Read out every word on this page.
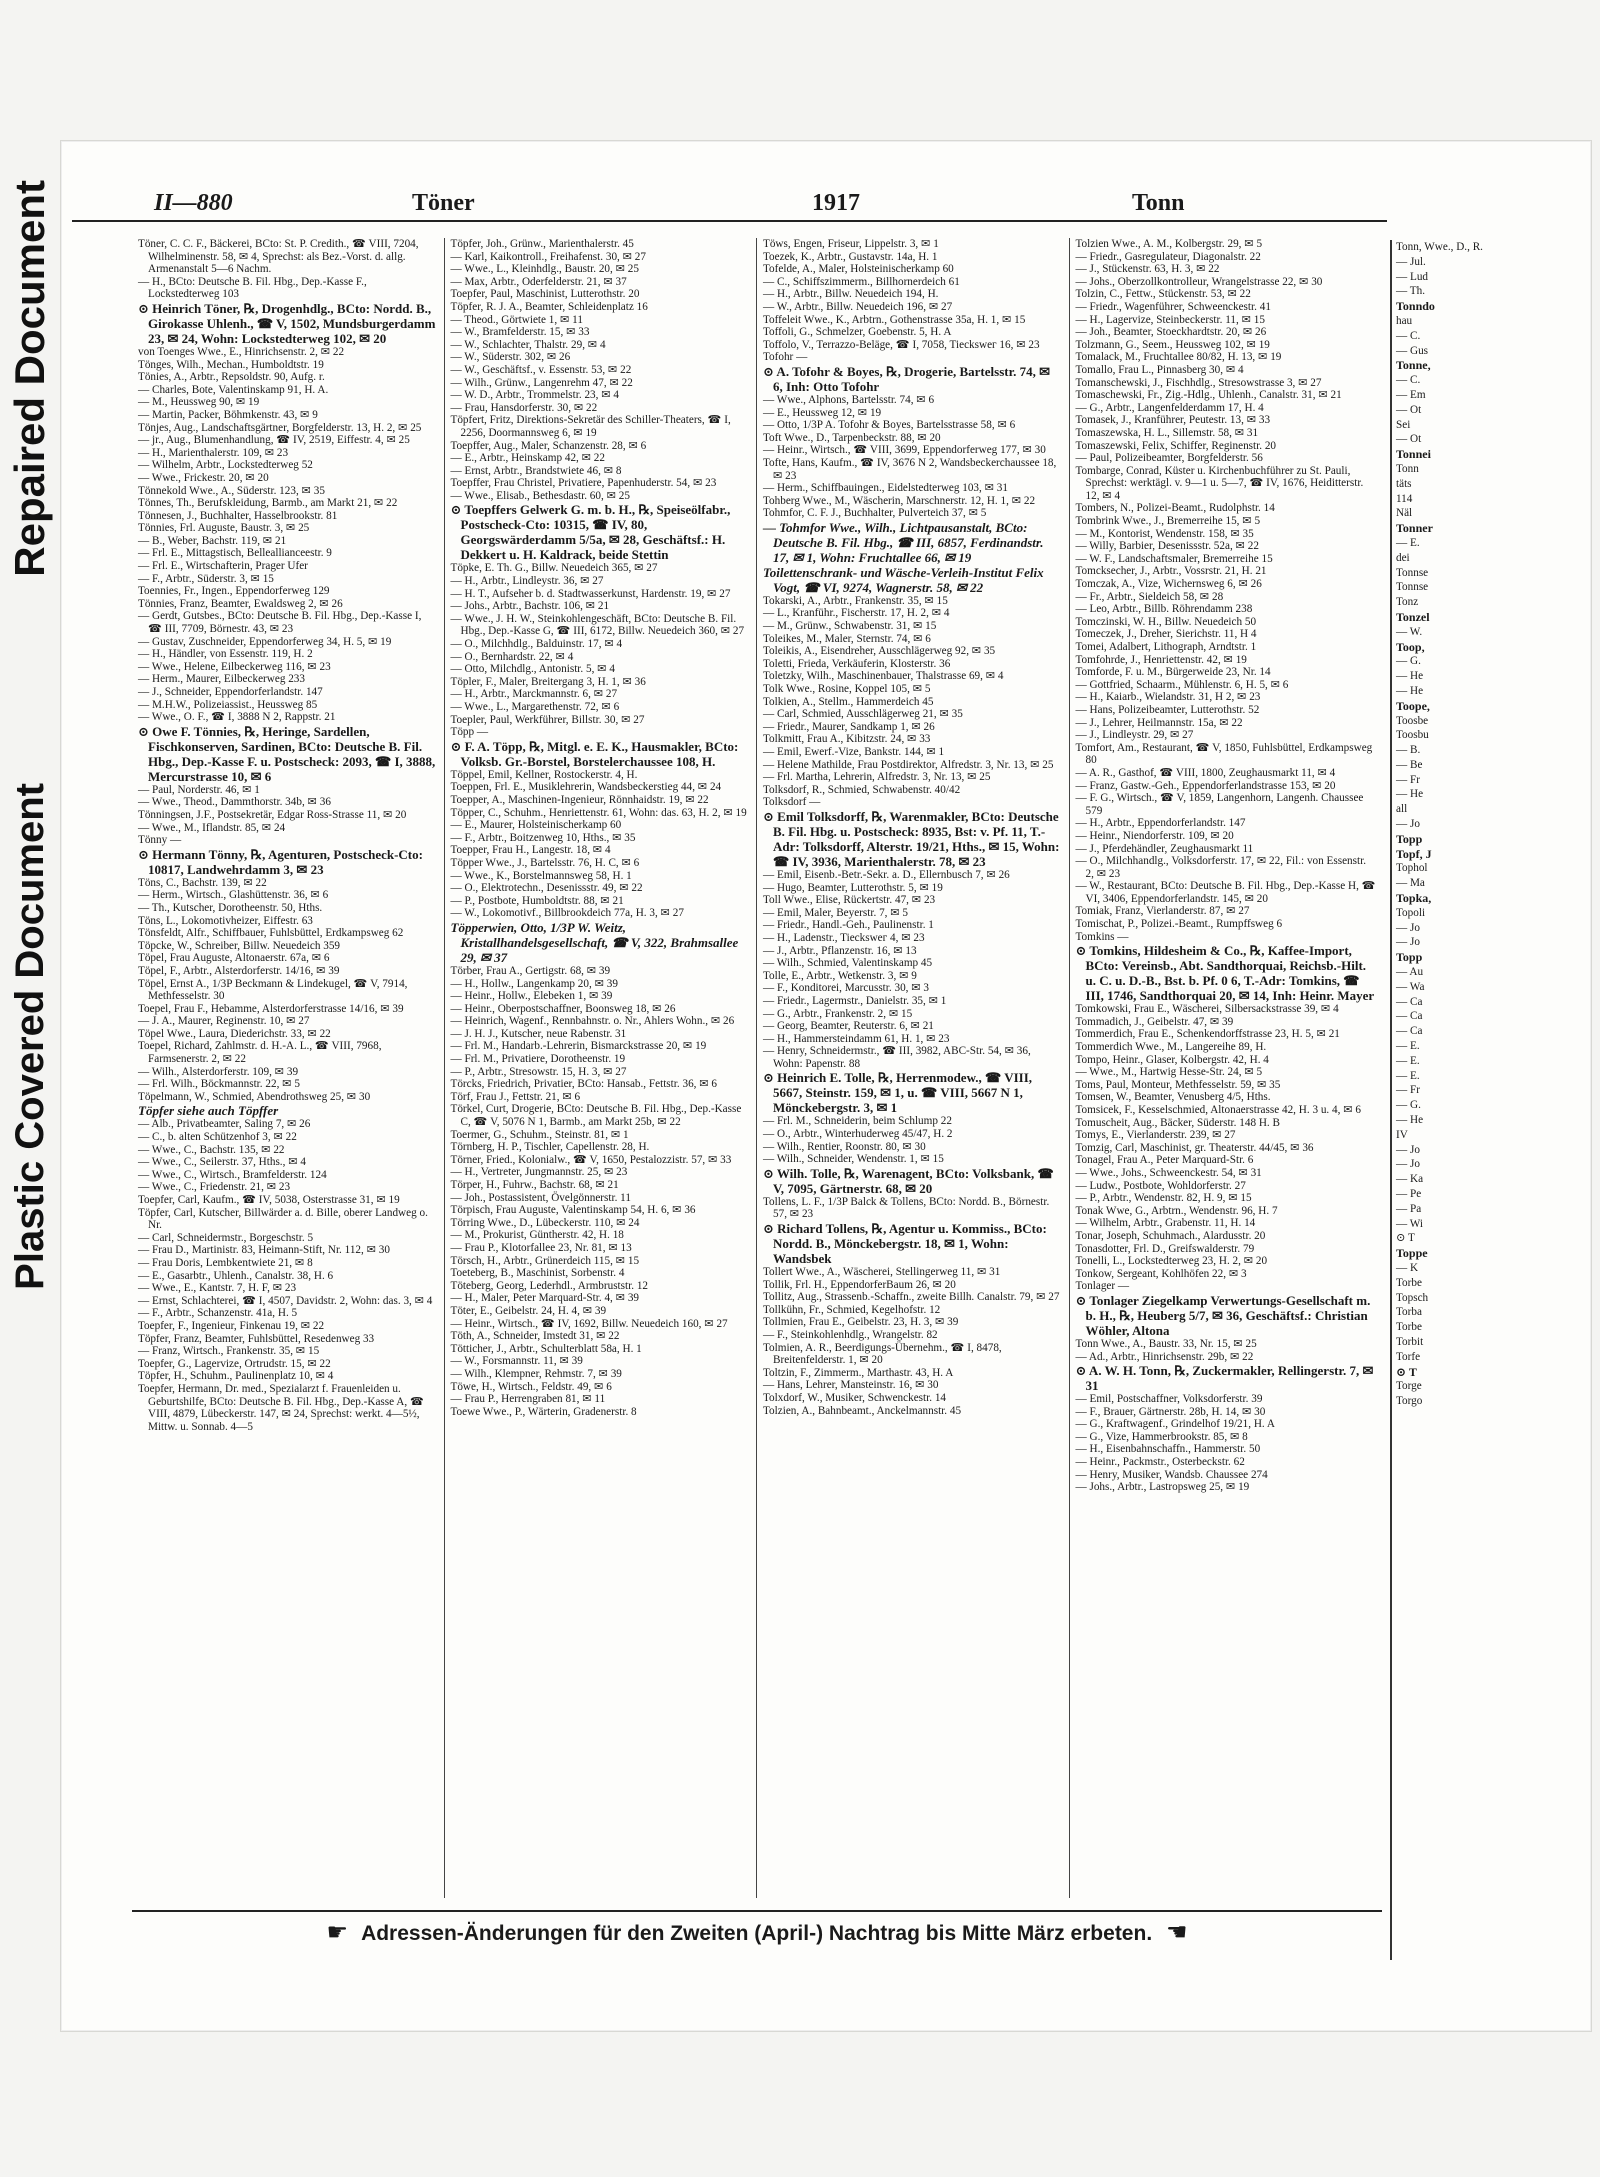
Repaired Document
Plastic Covered Document
II—880	Töner	1917	Tonn

Töner, C. C. F., Bäckerei, BCto: St. P. Credith., ☎ VIII, 7204, Wilhelminenstr. 58, ✉ 4, Sprechst: als Bez.-Vorst. d. allg. Armenanstalt 5—6 Nachm.

— H., BCto: Deutsche B. Fil. Hbg., Dep.-Kasse F., Lockstedterweg 103

⊙ Heinrich Töner, ℞, Drogenhdlg., BCto: Nordd. B., Girokasse Uhlenh., ☎ V, 1502, Mundsburgerdamm 23, ✉ 24, Wohn: Lockstedterweg 102, ✉ 20

von Toenges Wwe., E., Hinrichsenstr. 2, ✉ 22

Tönges, Wilh., Mechan., Humboldtstr. 19

Tönies, A., Arbtr., Repsoldstr. 90, Aufg. r.

— Charles, Bote, Valentinskamp 91, H. A.

— M., Heussweg 90, ✉ 19

— Martin, Packer, Böhmkenstr. 43, ✉ 9

Tönjes, Aug., Landschaftsgärtner, Borgfelderstr. 13, H. 2, ✉ 25

— jr., Aug., Blumenhandlung, ☎ IV, 2519, Eiffestr. 4, ✉ 25

— H., Marienthalerstr. 109, ✉ 23

— Wilhelm, Arbtr., Lockstedterweg 52

— Wwe., Frickestr. 20, ✉ 20

Tönnekold Wwe., A., Süderstr. 123, ✉ 35

Tönnes, Th., Berufskleidung, Barmb., am Markt 21, ✉ 22

Tönnesen, J., Buchhalter, Hasselbrookstr. 81

Tönnies, Frl. Auguste, Baustr. 3, ✉ 25

— B., Weber, Bachstr. 119, ✉ 21

— Frl. E., Mittagstisch, Belleallianceestr. 9

— Frl. E., Wirtschafterin, Prager Ufer

— F., Arbtr., Süderstr. 3, ✉ 15

Toennies, Fr., Ingen., Eppendorferweg 129

Tönnies, Franz, Beamter, Ewaldsweg 2, ✉ 26

— Gerdt, Gutsbes., BCto: Deutsche B. Fil. Hbg., Dep.-Kasse I, ☎ III, 7709, Börnestr. 43, ✉ 23

— Gustav, Zuschneider, Eppendorferweg 34, H. 5, ✉ 19

— H., Händler, von Essenstr. 119, H. 2

— Wwe., Helene, Eilbeckerweg 116, ✉ 23

— Herm., Maurer, Eilbeckerweg 233

— J., Schneider, Eppendorferlandstr. 147

— M.H.W., Polizeiassist., Heussweg 85

— Wwe., O. F., ☎ I, 3888 N 2, Rappstr. 21

⊙ Owe F. Tönnies, ℞, Heringe, Sardellen, Fischkonserven, Sardinen, BCto: Deutsche B. Fil. Hbg., Dep.-Kasse F. u. Postscheck: 2093, ☎ I, 3888, Mercurstrasse 10, ✉ 6

— Paul, Norderstr. 46, ✉ 1

— Wwe., Theod., Dammthorstr. 34b, ✉ 36

Tönningsen, J.F., Postsekretär, Edgar Ross-Strasse 11, ✉ 20

— Wwe., M., Iflandstr. 85, ✉ 24

Tönny —

⊙ Hermann Tönny, ℞, Agenturen, Postscheck-Cto: 10817, Landwehrdamm 3, ✉ 23

Töns, C., Bachstr. 139, ✉ 22

— Herm., Wirtsch., Glashüttenstr. 36, ✉ 6

— Th., Kutscher, Dorotheenstr. 50, Hths.

Töns, L., Lokomotivheizer, Eiffestr. 63

Tönsfeldt, Alfr., Schiffbauer, Fuhlsbüttel, Erdkampsweg 62

Töpcke, W., Schreiber, Billw. Neuedeich 359

Töpel, Frau Auguste, Altonaerstr. 67a, ✉ 6

Töpel, F., Arbtr., Alsterdorferstr. 14/16, ✉ 39

Töpel, Ernst A., 1/3P Beckmann & Lindekugel, ☎ V, 7914, Methfesselstr. 30

Toepel, Frau F., Hebamme, Alsterdorferstrasse 14/16, ✉ 39

— J. A., Maurer, Reginenstr. 10, ✉ 27

Töpel Wwe., Laura, Diederichstr. 33, ✉ 22

Toepel, Richard, Zahlmstr. d. H.-A. L., ☎ VIII, 7968, Farmsenerstr. 2, ✉ 22

— Wilh., Alsterdorferstr. 109, ✉ 39

— Frl. Wilh., Böckmannstr. 22, ✉ 5

Töpelmann, W., Schmied, Abendrothsweg 25, ✉ 30

Töpfer siehe auch Töpffer

— Alb., Privatbeamter, Saling 7, ✉ 26

— C., b. alten Schützenhof 3, ✉ 22

— Wwe., C., Bachstr. 135, ✉ 22

— Wwe., C., Seilerstr. 37, Hths., ✉ 4

— Wwe., C., Wirtsch., Bramfelderstr. 124

— Wwe., C., Friedenstr. 21, ✉ 23

Toepfer, Carl, Kaufm., ☎ IV, 5038, Osterstrasse 31, ✉ 19

Töpfer, Carl, Kutscher, Billwärder a. d. Bille, oberer Landweg o. Nr.

— Carl, Schneidermstr., Borgeschstr. 5

— Frau D., Martinistr. 83, Heimann-Stift, Nr. 112, ✉ 30

— Frau Doris, Lembkentwiete 21, ✉ 8

— E., Gasarbtr., Uhlenh., Canalstr. 38, H. 6

— Wwe., E., Kantstr. 7, H. F, ✉ 23

— Ernst, Schlachterei, ☎ I, 4507, Davidstr. 2, Wohn: das. 3, ✉ 4

— F., Arbtr., Schanzenstr. 41a, H. 5

Toepfer, F., Ingenieur, Finkenau 19, ✉ 22

Töpfer, Franz, Beamter, Fuhlsbüttel, Resedenweg 33

— Franz, Wirtsch., Frankenstr. 35, ✉ 15

Toepfer, G., Lagervize, Ortrudstr. 15, ✉ 22

Töpfer, H., Schuhm., Paulinenplatz 10, ✉ 4

Toepfer, Hermann, Dr. med., Spezialarzt f. Frauenleiden u. Geburtshilfe, BCto: Deutsche B. Fil. Hbg., Dep.-Kasse A, ☎ VIII, 4879, Lübeckerstr. 147, ✉ 24, Sprechst: werkt. 4—5½, Mittw. u. Sonnab. 4—5

Töpfer, Joh., Grünw., Marienthalerstr. 45

— Karl, Kaikontroll., Freihafenst. 30, ✉ 27

— Wwe., L., Kleinhdlg., Baustr. 20, ✉ 25

— Max, Arbtr., Oderfelderstr. 21, ✉ 37

Toepfer, Paul, Maschinist, Lutterothstr. 20

Töpfer, R. J. A., Beamter, Schleidenplatz 16

— Theod., Görtwiete 1, ✉ 11

— W., Bramfelderstr. 15, ✉ 33

— W., Schlachter, Thalstr. 29, ✉ 4

— W., Süderstr. 302, ✉ 26

— W., Geschäftsf., v. Essenstr. 53, ✉ 22

— Wilh., Grünw., Langenrehm 47, ✉ 22

— W. D., Arbtr., Trommelstr. 23, ✉ 4

— Frau, Hansdorferstr. 30, ✉ 22

Töpfert, Fritz, Direktions-Sekretär des Schiller-Theaters, ☎ I, 2256, Doormannsweg 6, ✉ 19

Toepffer, Aug., Maler, Schanzenstr. 28, ✉ 6

— E., Arbtr., Heinskamp 42, ✉ 22

— Ernst, Arbtr., Brandstwiete 46, ✉ 8

Toepffer, Frau Christel, Privatiere, Papenhuderstr. 54, ✉ 23

— Wwe., Elisab., Bethesdastr. 60, ✉ 25

⊙ Toepffers Gelwerk G. m. b. H., ℞, Speiseölfabr., Postscheck-Cto: 10315, ☎ IV, 80, Georgswärderdamm 5/5a, ✉ 28, Geschäftsf.: H. Dekkert u. H. Kaldrack, beide Stettin

Töpke, E. Th. G., Billw. Neuedeich 365, ✉ 27

— H., Arbtr., Lindleystr. 36, ✉ 27

— H. T., Aufseher b. d. Stadtwasserkunst, Hardenstr. 19, ✉ 27

— Johs., Arbtr., Bachstr. 106, ✉ 21

— Wwe., J. H. W., Steinkohlengeschäft, BCto: Deutsche B. Fil. Hbg., Dep.-Kasse G, ☎ III, 6172, Billw. Neuedeich 360, ✉ 27

— O., Milchhdlg., Balduinstr. 17, ✉ 4

— O., Bernhardstr. 22, ✉ 4

— Otto, Milchdlg., Antonistr. 5, ✉ 4

Töpler, F., Maler, Breitergang 3, H. 1, ✉ 36

— H., Arbtr., Marckmannstr. 6, ✉ 27

— Wwe., L., Margarethenstr. 72, ✉ 6

Toepler, Paul, Werkführer, Billstr. 30, ✉ 27

Töpp —

⊙ F. A. Töpp, ℞, Mitgl. e. E. K., Hausmakler, BCto: Volksb. Gr.-Borstel, Borstelerchaussee 108, H.

Töppel, Emil, Kellner, Rostockerstr. 4, H.

Toeppen, Frl. E., Musiklehrerin, Wandsbeckerstieg 44, ✉ 24

Toepper, A., Maschinen-Ingenieur, Rönnhaidstr. 19, ✉ 22

Töpper, C., Schuhm., Henriettenstr. 61, Wohn: das. 63, H. 2, ✉ 19

— E., Maurer, Holsteinischerkamp 60

— F., Arbtr., Boitzenweg 10, Hths., ✉ 35

Toepper, Frau H., Langestr. 18, ✉ 4

Töpper Wwe., J., Bartelsstr. 76, H. C, ✉ 6

— Wwe., K., Borstelmannsweg 58, H. 1

— O., Elektrotechn., Desenissstr. 49, ✉ 22

— P., Postbote, Humboldtstr. 88, ✉ 21

— W., Lokomotivf., Billbrookdeich 77a, H. 3, ✉ 27

Töpperwien, Otto, 1/3P W. Weitz, Kristallhandelsgesellschaft, ☎ V, 322, Brahmsallee 29, ✉ 37

Törber, Frau A., Gertigstr. 68, ✉ 39

— H., Hollw., Langenkamp 20, ✉ 39

— Heinr., Hollw., Elebeken 1, ✉ 39

— Heinr., Oberpostschaffner, Boonsweg 18, ✉ 26

— Heinrich, Wagenf., Rennbahnstr. o. Nr., Ahlers Wohn., ✉ 26

— J. H. J., Kutscher, neue Rabenstr. 31

— Frl. M., Handarb.-Lehrerin, Bismarckstrasse 20, ✉ 19

— Frl. M., Privatiere, Dorotheenstr. 19

— P., Arbtr., Stresowstr. 15, H. 3, ✉ 27

Törcks, Friedrich, Privatier, BCto: Hansab., Fettstr. 36, ✉ 6

Törf, Frau J., Fettstr. 21, ✉ 6

Törkel, Curt, Drogerie, BCto: Deutsche B. Fil. Hbg., Dep.-Kasse C, ☎ V, 5076 N 1, Barmb., am Markt 25b, ✉ 22

Toermer, G., Schuhm., Steinstr. 81, ✉ 1

Törnberg, H. P., Tischler, Capellenstr. 28, H.

Törner, Fried., Kolonialw., ☎ V, 1650, Pestalozzistr. 57, ✉ 33

— H., Vertreter, Jungmannstr. 25, ✉ 23

Törper, H., Fuhrw., Bachstr. 68, ✉ 21

— Joh., Postassistent, Övelgönnerstr. 11

Törpisch, Frau Auguste, Valentinskamp 54, H. 6, ✉ 36

Törring Wwe., D., Lübeckerstr. 110, ✉ 24

— M., Prokurist, Güntherstr. 42, H. 18

— Frau P., Klotorfallee 23, Nr. 81, ✉ 13

Törsch, H., Arbtr., Grünerdeich 115, ✉ 15

Toeteberg, B., Maschinist, Sorbenstr. 4

Töteberg, Georg, Lederhdl., Armbruststr. 12

— H., Maler, Peter Marquard-Str. 4, ✉ 39

Töter, E., Geibelstr. 24, H. 4, ✉ 39

— Heinr., Wirtsch., ☎ IV, 1692, Billw. Neuedeich 160, ✉ 27

Töth, A., Schneider, Imstedt 31, ✉ 22

Tötticher, J., Arbtr., Schulterblatt 58a, H. 1

— W., Forsmannstr. 11, ✉ 39

— Wilh., Klempner, Rehmstr. 7, ✉ 39

Töwe, H., Wirtsch., Feldstr. 49, ✉ 6

— Frau P., Herrengraben 81, ✉ 11

Toewe Wwe., P., Wärterin, Gradenerstr. 8

Töws, Engen, Friseur, Lippelstr. 3, ✉ 1

Toezek, K., Arbtr., Gustavstr. 14a, H. 1

Tofelde, A., Maler, Holsteinischerkamp 60

— C., Schiffszimmerm., Billhornerdeich 61

— H., Arbtr., Billw. Neuedeich 194, H.

— W., Arbtr., Billw. Neuedeich 196, ✉ 27

Toffeleit Wwe., K., Arbtrn., Gothenstrasse 35a, H. 1, ✉ 15

Toffoli, G., Schmelzer, Goebenstr. 5, H. A

Toffolo, V., Terrazzo-Beläge, ☎ I, 7058, Tieckswег 16, ✉ 23

Tofohr —

⊙ A. Tofohr & Boyes, ℞, Drogerie, Bartelsstr. 74, ✉ 6, Inh: Otto Tofohr

— Wwe., Alphons, Bartelsstr. 74, ✉ 6

— E., Heussweg 12, ✉ 19

— Otto, 1/3P A. Tofohr & Boyes, Bartelsstrasse 58, ✉ 6

Toft Wwe., D., Tarpenbeckstr. 88, ✉ 20

— Heinr., Wirtsch., ☎ VIII, 3699, Eppendorferweg 177, ✉ 30

Tofte, Hans, Kaufm., ☎ IV, 3676 N 2, Wandsbeckerchaussee 18, ✉ 23

— Herm., Schiffbauingen., Eidelstedterweg 103, ✉ 31

Tohberg Wwe., M., Wäscherin, Marschnerstr. 12, H. 1, ✉ 22

Tohmfor, C. F. J., Buchhalter, Pulverteich 37, ✉ 5

— Tohmfor Wwe., Wilh., Lichtpausanstalt, BCto: Deutsche B. Fil. Hbg., ☎ III, 6857, Ferdinandstr. 17, ✉ 1, Wohn: Fruchtallee 66, ✉ 19

Toilettenschrank- und Wäsche-Verleih-Institut Felix Vogt, ☎ VI, 9274, Wagnerstr. 58, ✉ 22

Tokarski, A., Arbtr., Frankenstr. 35, ✉ 15

— L., Kranführ., Fischerstr. 17, H. 2, ✉ 4

— M., Grünw., Schwabenstr. 31, ✉ 15

Toleikes, M., Maler, Sternstr. 74, ✉ 6

Toleikis, A., Eisendreher, Ausschlägerweg 92, ✉ 35

Toletti, Frieda, Verkäuferin, Klosterstr. 36

Toletzky, Wilh., Maschinenbauer, Thalstrasse 69, ✉ 4

Tolk Wwe., Rosine, Koppel 105, ✉ 5

Tolkien, A., Stellm., Hammerdeich 45

— Carl, Schmied, Ausschlägerweg 21, ✉ 35

— Friedr., Maurer, Sandkamp 1, ✉ 26

Tolkmitt, Frau A., Kibitzstr. 24, ✉ 33

— Emil, Ewerf.-Vize, Bankstr. 144, ✉ 1

— Helene Mathilde, Frau Postdirektor, Alfredstr. 3, Nr. 13, ✉ 25

— Frl. Martha, Lehrerin, Alfredstr. 3, Nr. 13, ✉ 25

Tolksdorf, R., Schmied, Schwabenstr. 40/42

Tolksdorf —

⊙ Emil Tolksdorff, ℞, Warenmakler, BCto: Deutsche B. Fil. Hbg. u. Postscheck: 8935, Bst: v. Pf. 11, T.-Adr: Tolksdorff, Alterstr. 19/21, Hths., ✉ 15, Wohn: ☎ IV, 3936, Marienthalerstr. 78, ✉ 23

— Emil, Eisenb.-Betr.-Sekr. a. D., Ellernbusch 7, ✉ 26

— Hugo, Beamter, Lutterothstr. 5, ✉ 19

Toll Wwe., Elise, Rückertstr. 47, ✉ 23

— Emil, Maler, Beyerstr. 7, ✉ 5

— Friedr., Handl.-Geh., Paulinenstr. 1

— H., Ladenstr., Tieckswег 4, ✉ 23

— J., Arbtr., Pflanzenstr. 16, ✉ 13

— Wilh., Schmied, Valentinskamp 45

Tolle, E., Arbtr., Wetkenstr. 3, ✉ 9

— F., Konditorei, Marcusstr. 30, ✉ 3

— Friedr., Lagermstr., Danielstr. 35, ✉ 1

— G., Arbtr., Frankenstr. 2, ✉ 15

— Georg, Beamter, Reuterstr. 6, ✉ 21

— H., Hammersteindamm 61, H. 1, ✉ 23

— Henry, Schneidermstr., ☎ III, 3982, ABC-Str. 54, ✉ 36, Wohn: Papenstr. 88

⊙ Heinrich E. Tolle, ℞, Herrenmodew., ☎ VIII, 5667, Steinstr. 159, ✉ 1, u. ☎ VIII, 5667 N 1, Mönckebergstr. 3, ✉ 1

— Frl. M., Schneiderin, beim Schlump 22

— O., Arbtr., Winterhuderweg 45/47, H. 2

— Wilh., Rentier, Roonstr. 80, ✉ 30

— Wilh., Schneider, Wendenstr. 1, ✉ 15

⊙ Wilh. Tolle, ℞, Warenagent, BCto: Volksbank, ☎ V, 7095, Gärtnerstr. 68, ✉ 20

Tollens, L. F., 1/3P Balck & Tollens, BCto: Nordd. B., Börnestr. 57, ✉ 23

⊙ Richard Tollens, ℞, Agentur u. Kommiss., BCto: Nordd. B., Mönckebergstr. 18, ✉ 1, Wohn: Wandsbek

Tollert Wwe., A., Wäscherei, Stellingerweg 11, ✉ 31

Tollik, Frl. H., EppendorferBaum 26, ✉ 20

Tollitz, Aug., Strassenb.-Schaffn., zweite Billh. Canalstr. 79, ✉ 27

Tollkühn, Fr., Schmied, Kegelhofstr. 12

Tollmien, Frau E., Geibelstr. 23, H. 3, ✉ 39

— F., Steinkohlenhdlg., Wrangelstr. 82

Tolmien, A. R., Beerdigungs-Übernehm., ☎ I, 8478, Breitenfelderstr. 1, ✉ 20

Toltzin, F., Zimmerm., Marthastr. 43, H. A

— Hans, Lehrer, Mansteinstr. 16, ✉ 30

Tolxdorf, W., Musiker, Schwenckestr. 14

Tolzien, A., Bahnbeamt., Anckelmannstr. 45

Tolzien Wwe., A. M., Kolbergstr. 29, ✉ 5

— Friedr., Gasregulateur, Diagonalstr. 22

— J., Stückenstr. 63, H. 3, ✉ 22

— Johs., Oberzollkontrolleur, Wrangelstrasse 22, ✉ 30

Tolzin, C., Fettw., Stückenstr. 53, ✉ 22

— Friedr., Wagenführer, Schweenckestr. 41

— H., Lagervize, Steinbeckerstr. 11, ✉ 15

— Joh., Beamter, Stoeckhardtstr. 20, ✉ 26

Tolzmann, G., Seem., Heussweg 102, ✉ 19

Tomalack, M., Fruchtallee 80/82, H. 13, ✉ 19

Tomallo, Frau L., Pinnasberg 30, ✉ 4

Tomanschewski, J., Fischhdlg., Stresowstrasse 3, ✉ 27

Tomaschewski, Fr., Zig.-Hdlg., Uhlenh., Canalstr. 31, ✉ 21

— G., Arbtr., Langenfelderdamm 17, H. 4

Tomasek, J., Kranführer, Peutestr. 13, ✉ 33

Tomaszewska, H. L., Sillemstr. 58, ✉ 31

Tomaszewski, Felix, Schiffer, Reginenstr. 20

— Paul, Polizeibeamter, Borgfelderstr. 56

Tombarge, Conrad, Küster u. Kirchenbuchführer zu St. Pauli, Sprechst: werktägl. v. 9—1 u. 5—7, ☎ IV, 1676, Heiditterstr. 12, ✉ 4

Tombers, N., Polizei-Beamt., Rudolphstr. 14

Tombrink Wwe., J., Bremerreihe 15, ✉ 5

— M., Kontorist, Wendenstr. 158, ✉ 35

— Willy, Barbier, Desenissstr. 52a, ✉ 22

— W. F., Landschaftsmaler, Bremerreihe 15

Tomcksecher, J., Arbtr., Vossrstr. 21, H. 21

Tomczak, A., Vize, Wichernsweg 6, ✉ 26

— Fr., Arbtr., Sieldeich 58, ✉ 28

— Leo, Arbtr., Billb. Röhrendamm 238

Tomczinski, W. H., Billw. Neuedeich 50

Tomeczek, J., Dreher, Sierichstr. 11, H 4

Tomei, Adalbert, Lithograph, Arndtstr. 1

Tomfohrde, J., Henriettenstr. 42, ✉ 19

Tomforde, F. u. M., Bürgerweide 23, Nr. 14

— Gottfried, Schaarm., Mühlenstr. 6, H. 5, ✉ 6

— H., Kaiarb., Wielandstr. 31, H 2, ✉ 23

— Hans, Polizeibeamter, Lutterothstr. 52

— J., Lehrer, Heilmannstr. 15a, ✉ 22

— J., Lindleystr. 29, ✉ 27

Tomfort, Am., Restaurant, ☎ V, 1850, Fuhlsbüttel, Erdkampsweg 80

— A. R., Gasthof, ☎ VIII, 1800, Zeughausmarkt 11, ✉ 4

— Franz, Gastw.-Geh., Eppendorferlandstrasse 153, ✉ 20

— F. G., Wirtsch., ☎ V, 1859, Langenhorn, Langenh. Chaussee 579

— H., Arbtr., Eppendorferlandstr. 147

— Heinr., Niendorferstr. 109, ✉ 20

— J., Pferdehändler, Zeughausmarkt 11

— O., Milchhandlg., Volksdorferstr. 17, ✉ 22, Fil.: von Essenstr. 2, ✉ 23

— W., Restaurant, BCto: Deutsche B. Fil. Hbg., Dep.-Kasse H, ☎ VI, 3406, Eppendorferlandstr. 145, ✉ 20

Tomiak, Franz, Vierlanderstr. 87, ✉ 27

Tomischat, P., Polizei.-Beamt., Rumpffsweg 6

Tomkins —

⊙ Tomkins, Hildesheim & Co., ℞, Kaffee-Import, BCto: Vereinsb., Abt. Sandthorquai, Reichsb.-Hilt. u. C. u. D.-B., Bst. b. Pf. 0 6, T.-Adr: Tomkins, ☎ III, 1746, Sandthorquai 20, ✉ 14, Inh: Heinr. Mayer

Tomkowski, Frau E., Wäscherei, Silbersackstrasse 39, ✉ 4

Tommadich, J., Geibelstr. 47, ✉ 39

Tommerdich, Frau E., Schenkendorffstrasse 23, H. 5, ✉ 21

Tommerdich Wwe., M., Langereihe 89, H.

Tompo, Heinr., Glaser, Kolbergstr. 42, H. 4

— Wwe., M., Hartwig Hesse-Str. 24, ✉ 5

Toms, Paul, Monteur, Methfesselstr. 59, ✉ 35

Tomsen, W., Beamter, Venusberg 4/5, Hths.

Tomsicek, F., Kesselschmied, Altonaerstrasse 42, H. 3 u. 4, ✉ 6

Tomuscheit, Aug., Bäcker, Süderstr. 148 H. B

Tomys, E., Vierlanderstr. 239, ✉ 27

Tomzig, Carl, Maschinist, gr. Theaterstr. 44/45, ✉ 36

Tonagel, Frau A., Peter Marquard-Str. 6

— Wwe., Johs., Schweenckestr. 54, ✉ 31

— Ludw., Postbote, Wohldorferstr. 27

— P., Arbtr., Wendenstr. 82, H. 9, ✉ 15

Tonak Wwe, G., Arbtrn., Wendenstr. 96, H. 7

— Wilhelm, Arbtr., Grabenstr. 11, H. 14

Tonar, Joseph, Schuhmach., Alardusstr. 20

Tonasdotter, Frl. D., Greifswalderstr. 79

Tonelli, L., Lockstedterweg 23, H. 2, ✉ 20

Tonkow, Sergeant, Kohlhöfen 22, ✉ 3

Tonlager —

⊙ Tonlager Ziegelkamp Verwertungs-Gesellschaft m. b. H., ℞, Heuberg 5/7, ✉ 36, Geschäftsf.: Christian Wöhler, Altona

Tonn Wwe., A., Baustr. 33, Nr. 15, ✉ 25

— Ad., Arbtr., Hinrichsenstr. 29b, ✉ 22

⊙ A. W. H. Tonn, ℞, Zuckermakler, Rellingerstr. 7, ✉ 31

— Emil, Postschaffner, Volksdorferstr. 39

— F., Brauer, Gärtnerstr. 28b, H. 14, ✉ 30

— G., Kraftwagenf., Grindelhof 19/21, H. A

— G., Vize, Hammerbrookstr. 85, ✉ 8

— H., Eisenbahnschaffn., Hammerstr. 50

— Heinr., Packmstr., Osterbeckstr. 62

— Henry, Musiker, Wandsb. Chaussee 274

— Johs., Arbtr., Lastropsweg 25, ✉ 19

☛ Adressen-Änderungen für den Zweiten (April-) Nachtrag bis Mitte März erbeten. ☚

Tonn, Wwe., D., R.

— Jul.

— Lud

— Th.

Tonndo

hau

— C.

— Gus

Tonne,

— C.

— Em

— Ot

Sei

— Ot

Tonnei

Tonn

täts

114

Näl

Tonner

— E.

dei

Tonnse

Tonnse

Tonz

Tonzel

— W.

Toop,

— G.

— He

— He

Toope,

Toosbe

Toosbu

— B.

— Be

— Fr

— He

all

— Jo

Topp

Topf, J

Tophol

— Ma

Topka,

Topoli

— Jo

— Jo

Topp

— Au

— Wa

— Ca

— Ca

— Ca

— E.

— E.

— E.

— Fr

— G.

— He

IV

— Jo

— Jo

— Ka

— Pe

— Pa

— Wi

⊙ T

Toppe

— K

Torbe

Topsch

Torba

Torbe

Torbit

Torfe

⊙ T

Torge

Torgo
